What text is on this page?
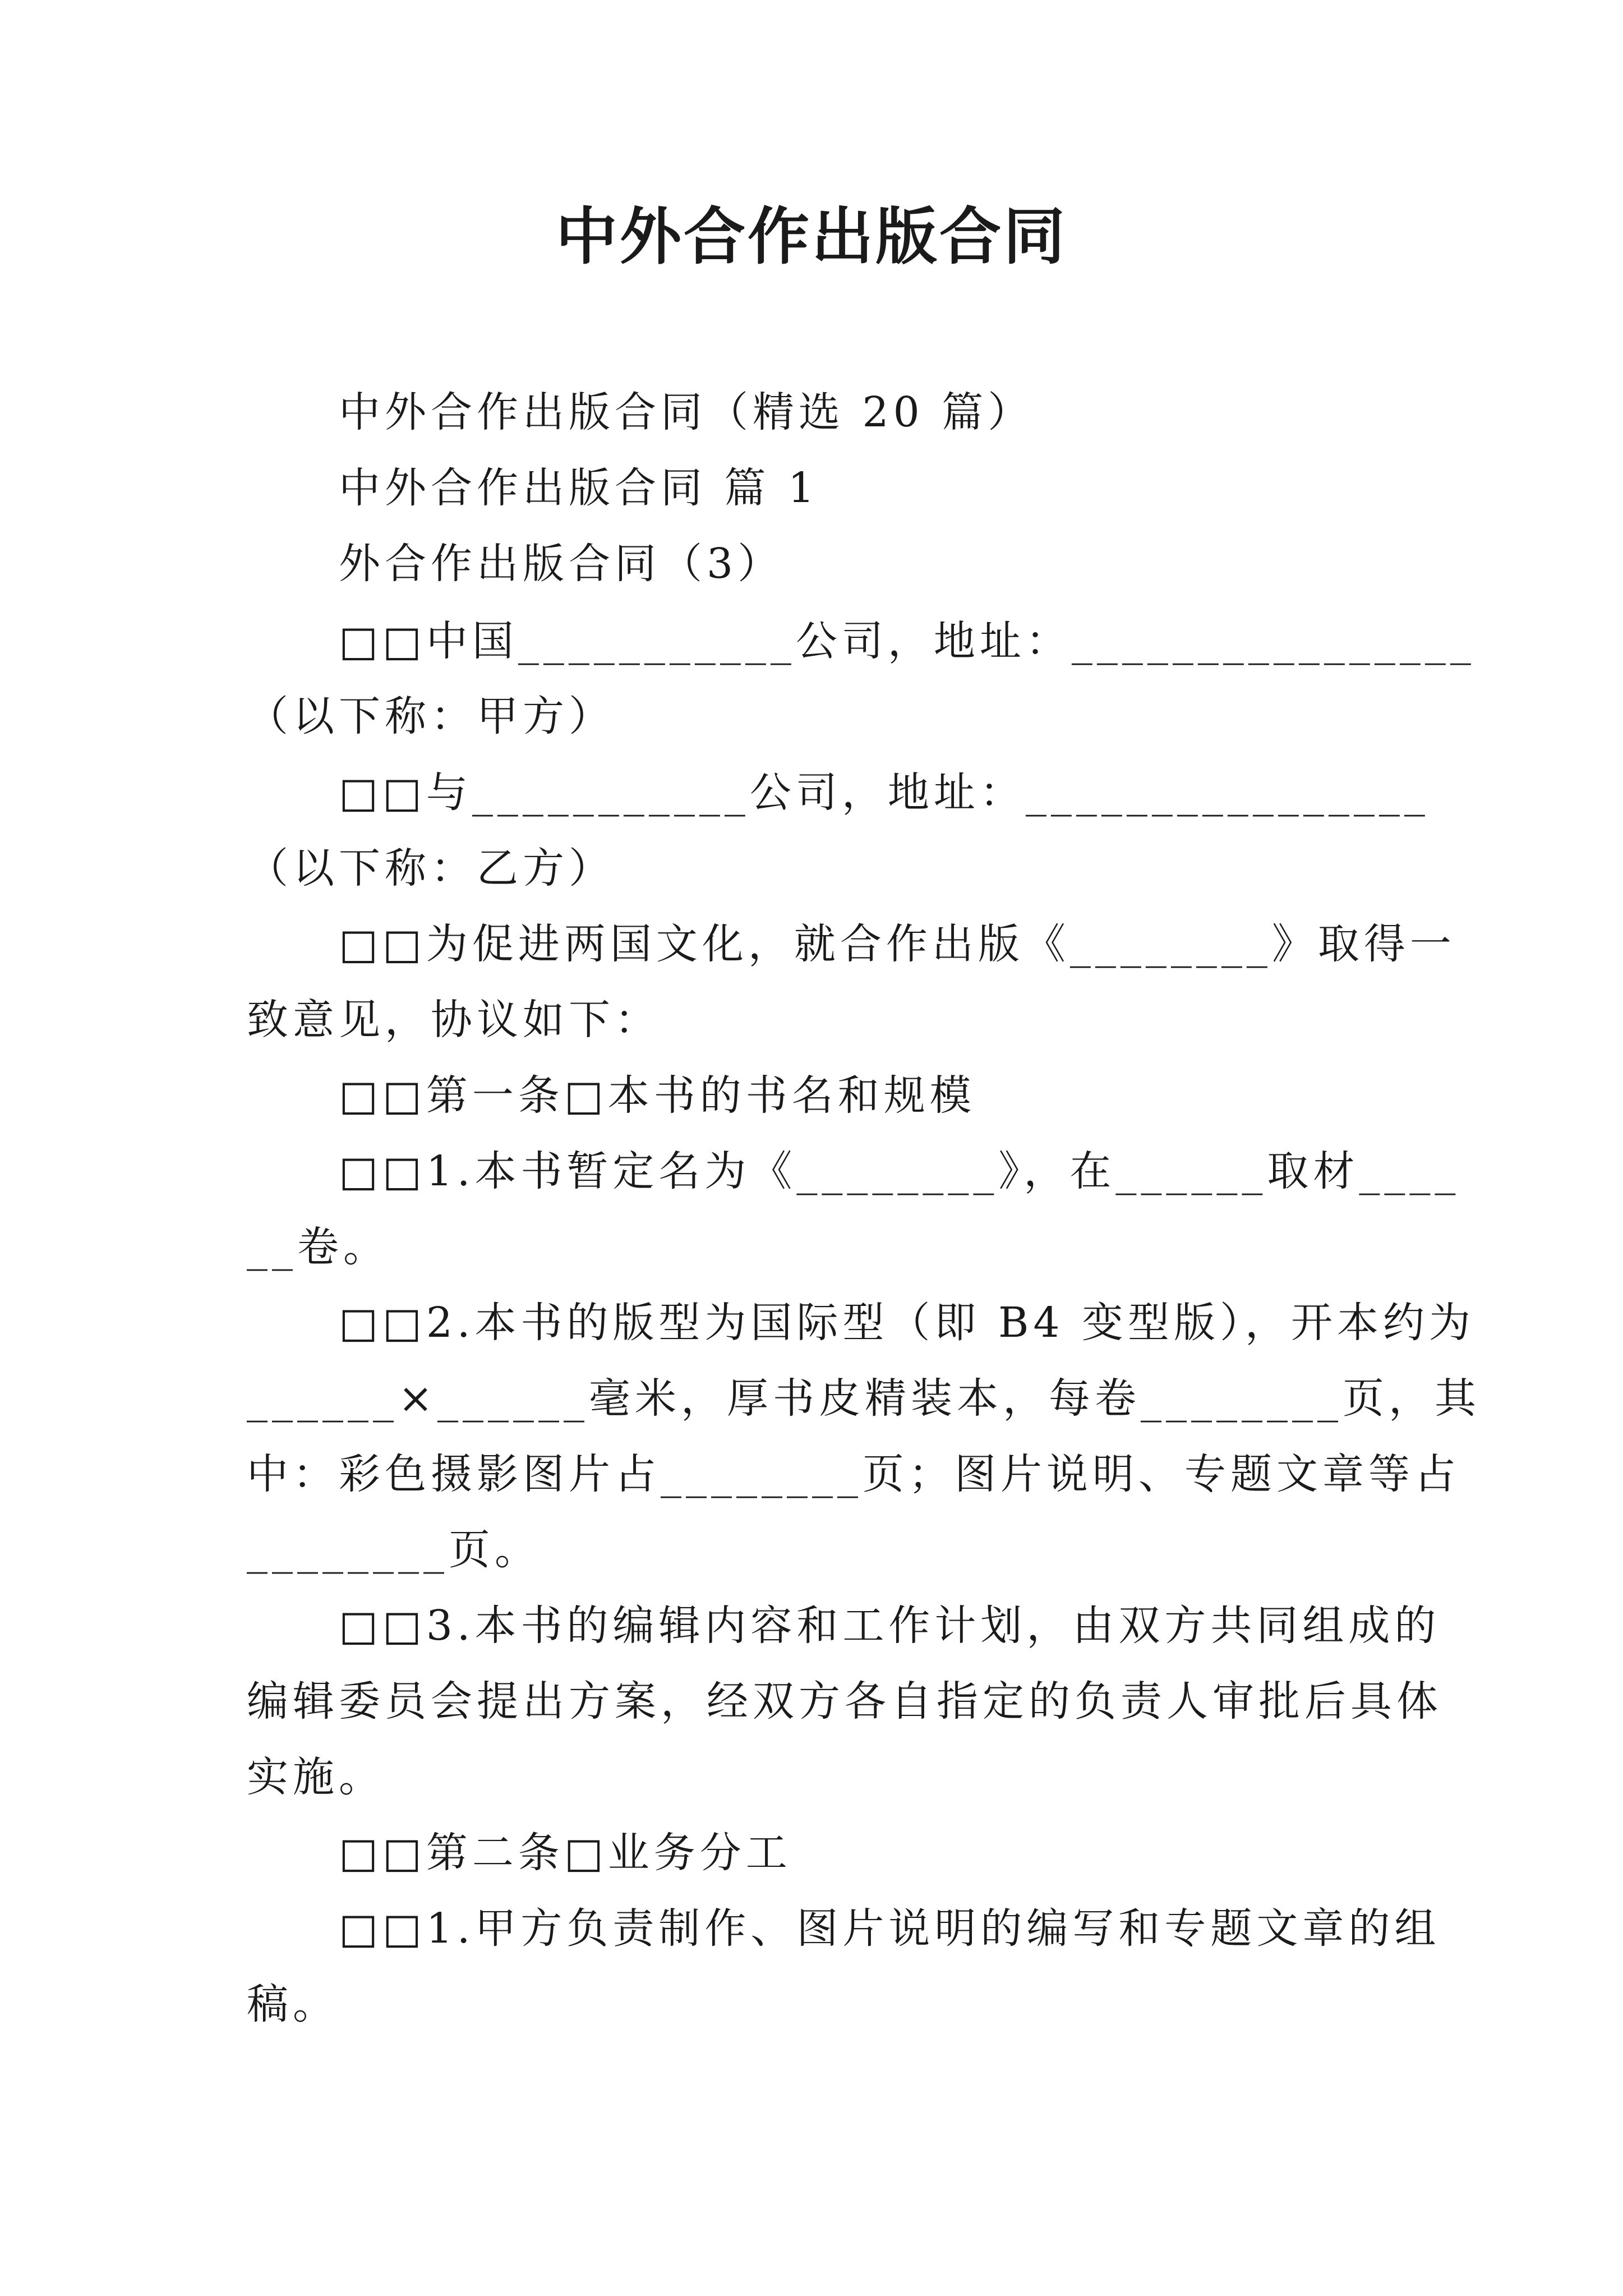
中外合作出版合同
中外合作出版合同（精选 20 篇）
中外合作出版合同 篇 1
外合作出版合同（3）
□□中国___________公司，地址：________________
（以下称：甲方）
□□与___________公司，地址：________________
（以下称：乙方）
□□为促进两国文化，就合作出版《________》取得一
致意见，协议如下：
□□第一条□本书的书名和规模
□□1.本书暂定名为《________》，在______取材____
__卷。
□□2.本书的版型为国际型（即 B4 变型版），开本约为
______×______毫米，厚书皮精装本，每卷________页，其
中：彩色摄影图片占________页；图片说明、专题文章等占
________页。
□□3.本书的编辑内容和工作计划，由双方共同组成的
编辑委员会提出方案，经双方各自指定的负责人审批后具体
实施。
□□第二条□业务分工
□□1.甲方负责制作、图片说明的编写和专题文章的组
稿。
